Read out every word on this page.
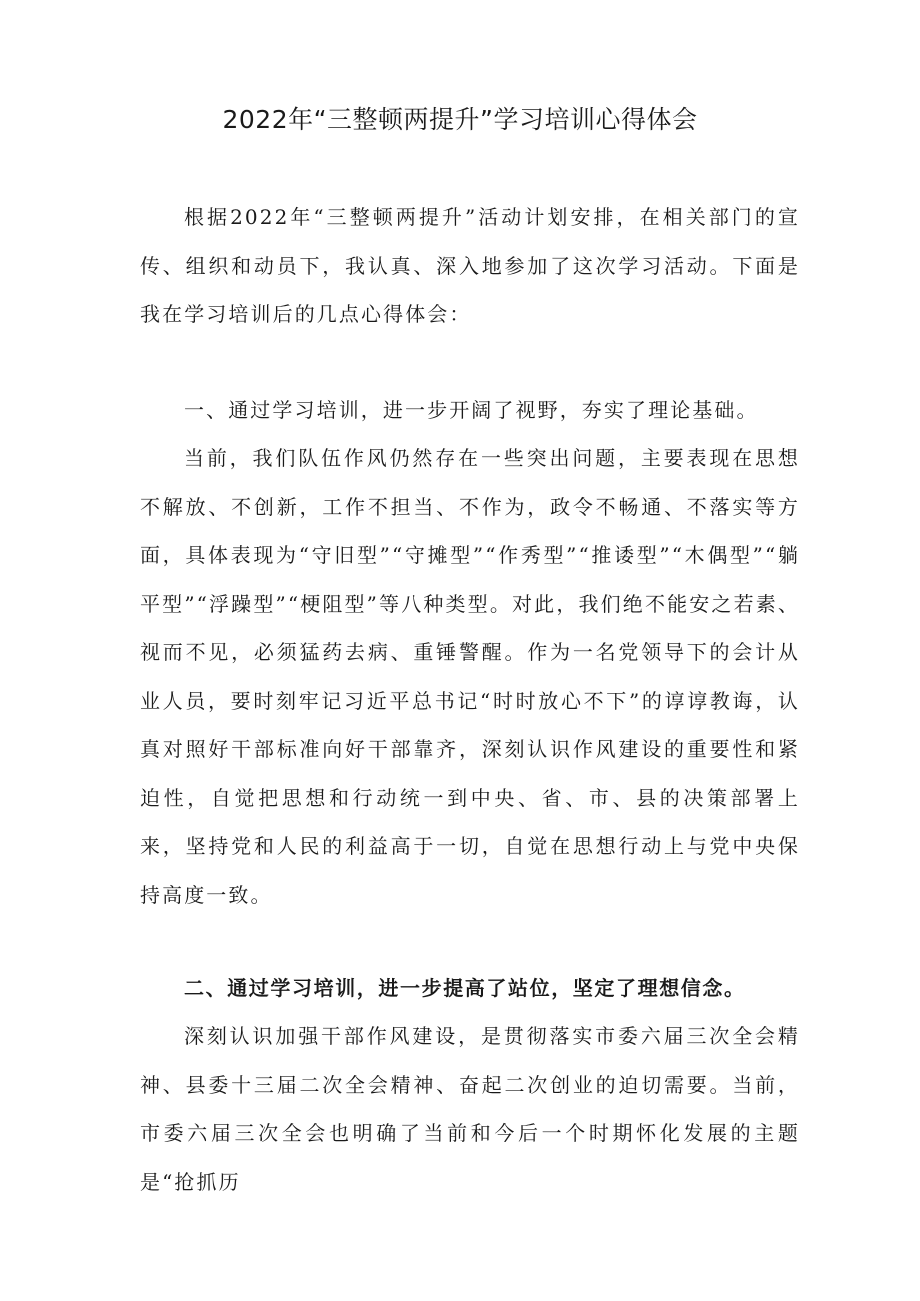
2022年“三整顿两提升”学习培训心得体会

根据2022年“三整顿两提升”活动计划安排，在相关部门的宣传、组织和动员下，我认真、深入地参加了这次学习活动。下面是我在学习培训后的几点心得体会：

一、通过学习培训，进一步开阔了视野，夯实了理论基础。

当前，我们队伍作风仍然存在一些突出问题，主要表现在思想不解放、不创新，工作不担当、不作为，政令不畅通、不落实等方面，具体表现为“守旧型”“守摊型”“作秀型”“推诿型”“木偶型”“躺平型”“浮躁型”“梗阻型”等八种类型。对此，我们绝不能安之若素、视而不见，必须猛药去病、重锤警醒。作为一名党领导下的会计从业人员，要时刻牢记习近平总书记“时时放心不下”的谆谆教诲，认真对照好干部标准向好干部靠齐，深刻认识作风建设的重要性和紧迫性，自觉把思想和行动统一到中央、省、市、县的决策部署上来，坚持党和人民的利益高于一切，自觉在思想行动上与党中央保持高度一致。

二、通过学习培训，进一步提高了站位，坚定了理想信念。

深刻认识加强干部作风建设，是贯彻落实市委六届三次全会精神、县委十三届二次全会精神、奋起二次创业的迫切需要。当前，市委六届三次全会也明确了当前和今后一个时期怀化发展的主题是“抢抓历
